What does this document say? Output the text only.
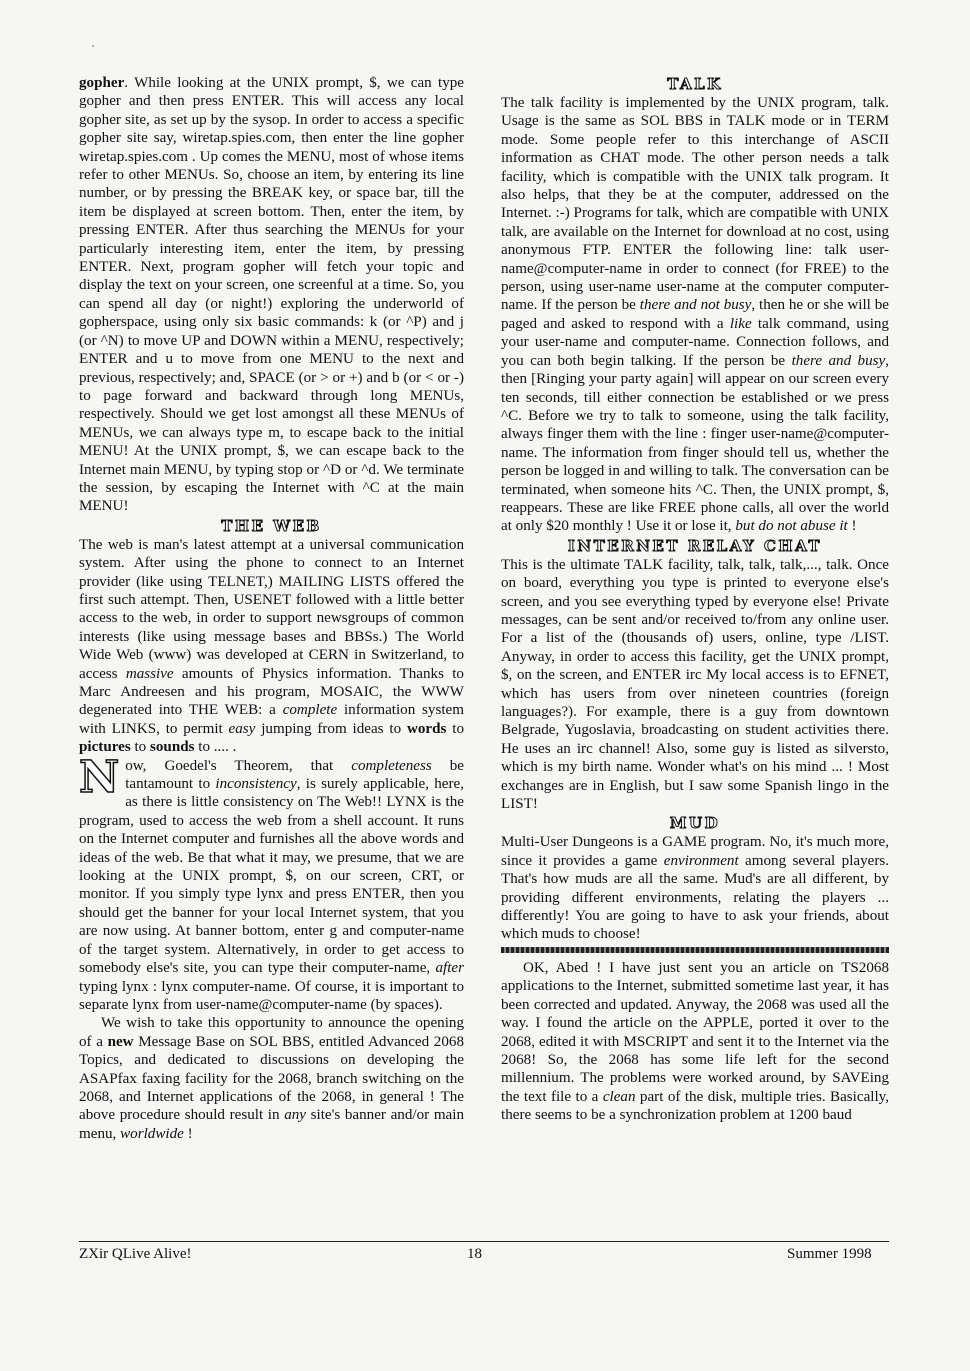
gopher. While looking at the UNIX prompt, $, we can type gopher and then press ENTER. This will access any local gopher site, as set up by the sysop. In order to access a specific gopher site say, wiretap.spies.com, then enter the line gopher wiretap.spies.com . Up comes the MENU, most of whose items refer to other MENUs. So, choose an item, by entering its line number, or by pressing the BREAK key, or space bar, till the item be displayed at screen bottom. Then, enter the item, by pressing ENTER. After thus searching the MENUs for your particularly interesting item, enter the item, by pressing ENTER. Next, program gopher will fetch your topic and display the text on your screen, one screenful at a time. So, you can spend all day (or night!) exploring the underworld of gopherspace, using only six basic commands: k (or ^P) and j (or ^N) to move UP and DOWN within a MENU, respectively; ENTER and u to move from one MENU to the next and previous, respectively; and, SPACE (or > or +) and b (or < or -) to page forward and backward through long MENUs, respectively. Should we get lost amongst all these MENUs of MENUs, we can always type m, to escape back to the initial MENU! At the UNIX prompt, $, we can escape back to the Internet main MENU, by typing stop or ^D or ^d. We terminate the session, by escaping the Internet with ^C at the main MENU!

THE WEB

The web is man's latest attempt at a universal communication system. After using the phone to connect to an Internet provider (like using TELNET,) MAILING LISTS offered the first such attempt. Then, USENET followed with a little better access to the web, in order to support newsgroups of common interests (like using message bases and BBSs.) The World Wide Web (www) was developed at CERN in Switzerland, to access massive amounts of Physics information. Thanks to Marc Andreesen and his program, MOSAIC, the WWW degenerated into THE WEB: a complete information system with LINKS, to permit easy jumping from ideas to words to pictures to sounds to .... .

Now, Goedel's Theorem, that completeness be tantamount to inconsistency, is surely applicable, here, as there is little consistency on The Web!! LYNX is the program, used to access the web from a shell account. It runs on the Internet computer and furnishes all the above words and ideas of the web. Be that what it may, we presume, that we are looking at the UNIX prompt, $, on our screen, CRT, or monitor. If you simply type lynx and press ENTER, then you should get the banner for your local Internet system, that you are now using. At banner bottom, enter g and computer-name of the target system. Alternatively, in order to get access to somebody else's site, you can type their computer-name, after typing lynx : lynx computer-name. Of course, it is important to separate lynx from user-name@computer-name (by spaces).

We wish to take this opportunity to announce the opening of a new Message Base on SOL BBS, entitled Advanced 2068 Topics, and dedicated to discussions on developing the ASAPfax faxing facility for the 2068, branch switching on the 2068, and Internet applications of the 2068, in general ! The above procedure should result in any site's banner and/or main menu, worldwide !

TALK

The talk facility is implemented by the UNIX program, talk. Usage is the same as SOL BBS in TALK mode or in TERM mode. Some people refer to this interchange of ASCII information as CHAT mode. The other person needs a talk facility, which is compatible with the UNIX talk program. It also helps, that they be at the computer, addressed on the Internet. :-) Programs for talk, which are compatible with UNIX talk, are available on the Internet for download at no cost, using anonymous FTP. ENTER the following line: talk user-name@computer-name in order to connect (for FREE) to the person, using user-name user-name at the computer computer-name. If the person be there and not busy, then he or she will be paged and asked to respond with a like talk command, using your user-name and computer-name. Connection follows, and you can both begin talking. If the person be there and busy, then [Ringing your party again] will appear on our screen every ten seconds, till either connection be established or we press ^C. Before we try to talk to someone, using the talk facility, always finger them with the line : finger user-name@computer-name. The information from finger should tell us, whether the person be logged in and willing to talk. The conversation can be terminated, when someone hits ^C. Then, the UNIX prompt, $, reappears. These are like FREE phone calls, all over the world at only $20 monthly ! Use it or lose it, but do not abuse it !

INTERNET RELAY CHAT

This is the ultimate TALK facility, talk, talk, talk,..., talk. Once on board, everything you type is printed to everyone else's screen, and you see everything typed by everyone else! Private messages, can be sent and/or received to/from any online user. For a list of the (thousands of) users, online, type /LIST. Anyway, in order to access this facility, get the UNIX prompt, $, on the screen, and ENTER irc My local access is to EFNET, which has users from over nineteen countries (foreign languages?). For example, there is a guy from downtown Belgrade, Yugoslavia, broadcasting on student activities there. He uses an irc channel! Also, some guy is listed as silversto, which is my birth name. Wonder what's on his mind ... ! Most exchanges are in English, but I saw some Spanish lingo in the LIST!

MUD

Multi-User Dungeons is a GAME program. No, it's much more, since it provides a game environment among several players. That's how muds are all the same. Mud's are all different, by providing different environments, relating the players ... differently! You are going to have to ask your friends, about which muds to choose!

OK, Abed ! I have just sent you an article on TS2068 applications to the Internet, submitted sometime last year, it has been corrected and updated. Anyway, the 2068 was used all the way. I found the article on the APPLE, ported it over to the 2068, edited it with MSCRIPT and sent it to the Internet via the 2068! So, the 2068 has some life left for the second millennium. The problems were worked around, by SAVEing the text file to a clean part of the disk, multiple tries. Basically, there seems to be a synchronization problem at 1200 baud

ZXir QLive Alive!	18	Summer 1998
